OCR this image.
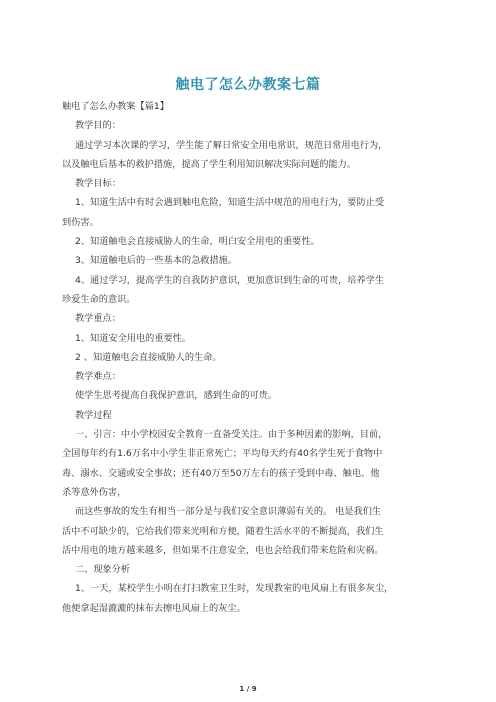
触电了怎么办教案七篇
触电了怎么办教案【篇1】
教学目的：
通过学习本次课的学习，学生能了解日常安全用电常识，规范日常用电行为，
以及触电后基本的救护措施，提高了学生利用知识解决实际问题的能力。
教学目标：
1、知道生活中有时会遇到触电危险，知道生活中规范的用电行为，要防止受
到伤害。
2、知道触电会直接威胁人的生命，明白安全用电的重要性。
3、知道触电后的一些基本的急救措施。
4、通过学习，提高学生的自我防护意识，更加意识到生命的可贵，培养学生
珍爱生命的意识。
教学重点：
1、知道安全用电的重要性。
2 、知道触电会直接威胁人的生命。
教学难点：
使学生思考提高自我保护意识，感到生命的可贵。
教学过程
一、引言：中小学校园安全教育一直备受关注。由于多种因素的影响，目前，
全国每年约有1.6万名中小学生非正常死亡；平均每天约有40名学生死于食物中
毒、溺水、交通或安全事故；还有40万至50万左右的孩子受到中毒、触电、他
杀等意外伤害，
而这些事故的发生有相当一部分是与我们安全意识薄弱有关的。 电是我们生
活中不可缺少的，它给我们带来光明和方便，随着生活水平的不断提高，我们生
活中用电的地方越来越多，但如果不注意安全，电也会给我们带来危险和灾祸。
二、现象分析
1、一天，某校学生小明在打扫教室卫生时，发现教室的电风扇上有很多灰尘，
他便拿起湿漉漉的抹布去擦电风扇上的灰尘。
1 / 9
